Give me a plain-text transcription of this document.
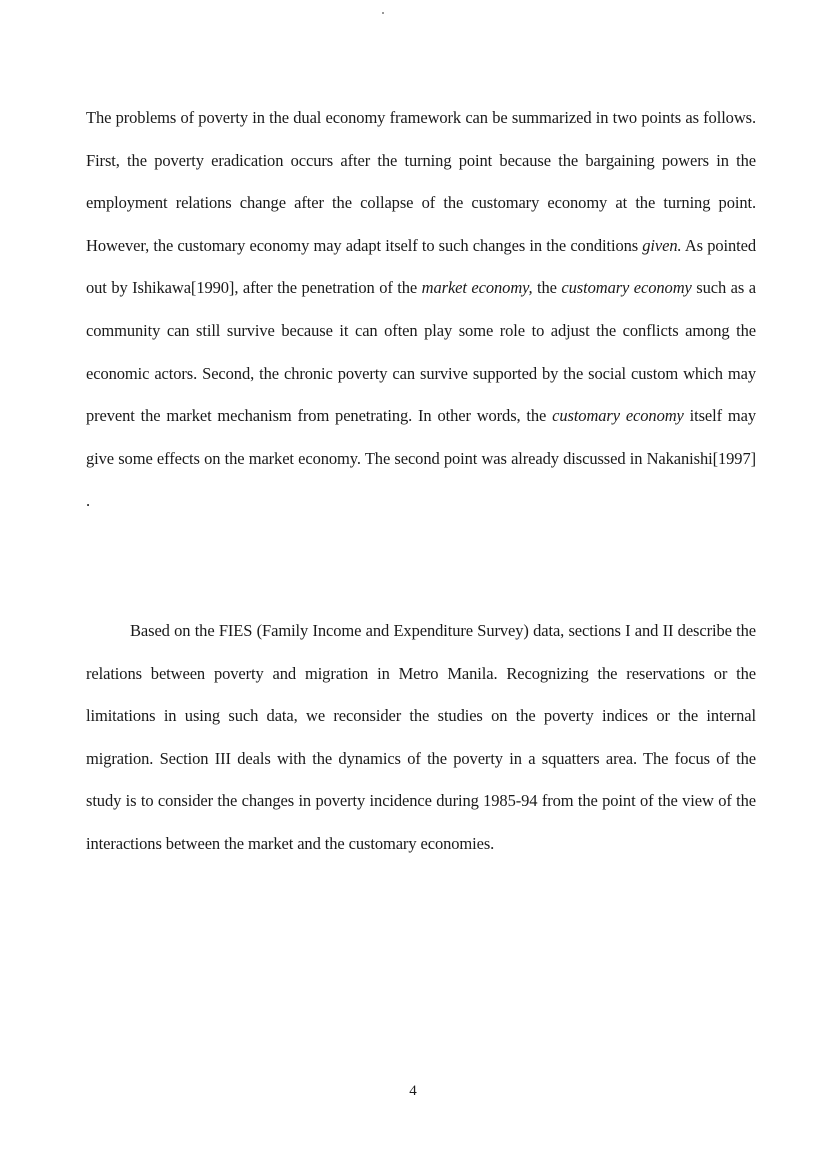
The problems of poverty in the dual economy framework can be summarized in two points as follows. First, the poverty eradication occurs after the turning point because the bargaining powers in the employment relations change after the collapse of the customary economy at the turning point. However, the customary economy may adapt itself to such changes in the conditions given. As pointed out by Ishikawa[1990], after the penetration of the market economy, the customary economy such as a community can still survive because it can often play some role to adjust the conflicts among the economic actors. Second, the chronic poverty can survive supported by the social custom which may prevent the market mechanism from penetrating. In other words, the customary economy itself may give some effects on the market economy. The second point was already discussed in Nakanishi[1997] .

Based on the FIES (Family Income and Expenditure Survey) data, sections I and II describe the relations between poverty and migration in Metro Manila. Recognizing the reservations or the limitations in using such data, we reconsider the studies on the poverty indices or the internal migration. Section III deals with the dynamics of the poverty in a squatters area. The focus of the study is to consider the changes in poverty incidence during 1985-94 from the point of the view of the interactions between the market and the customary economies.

4
